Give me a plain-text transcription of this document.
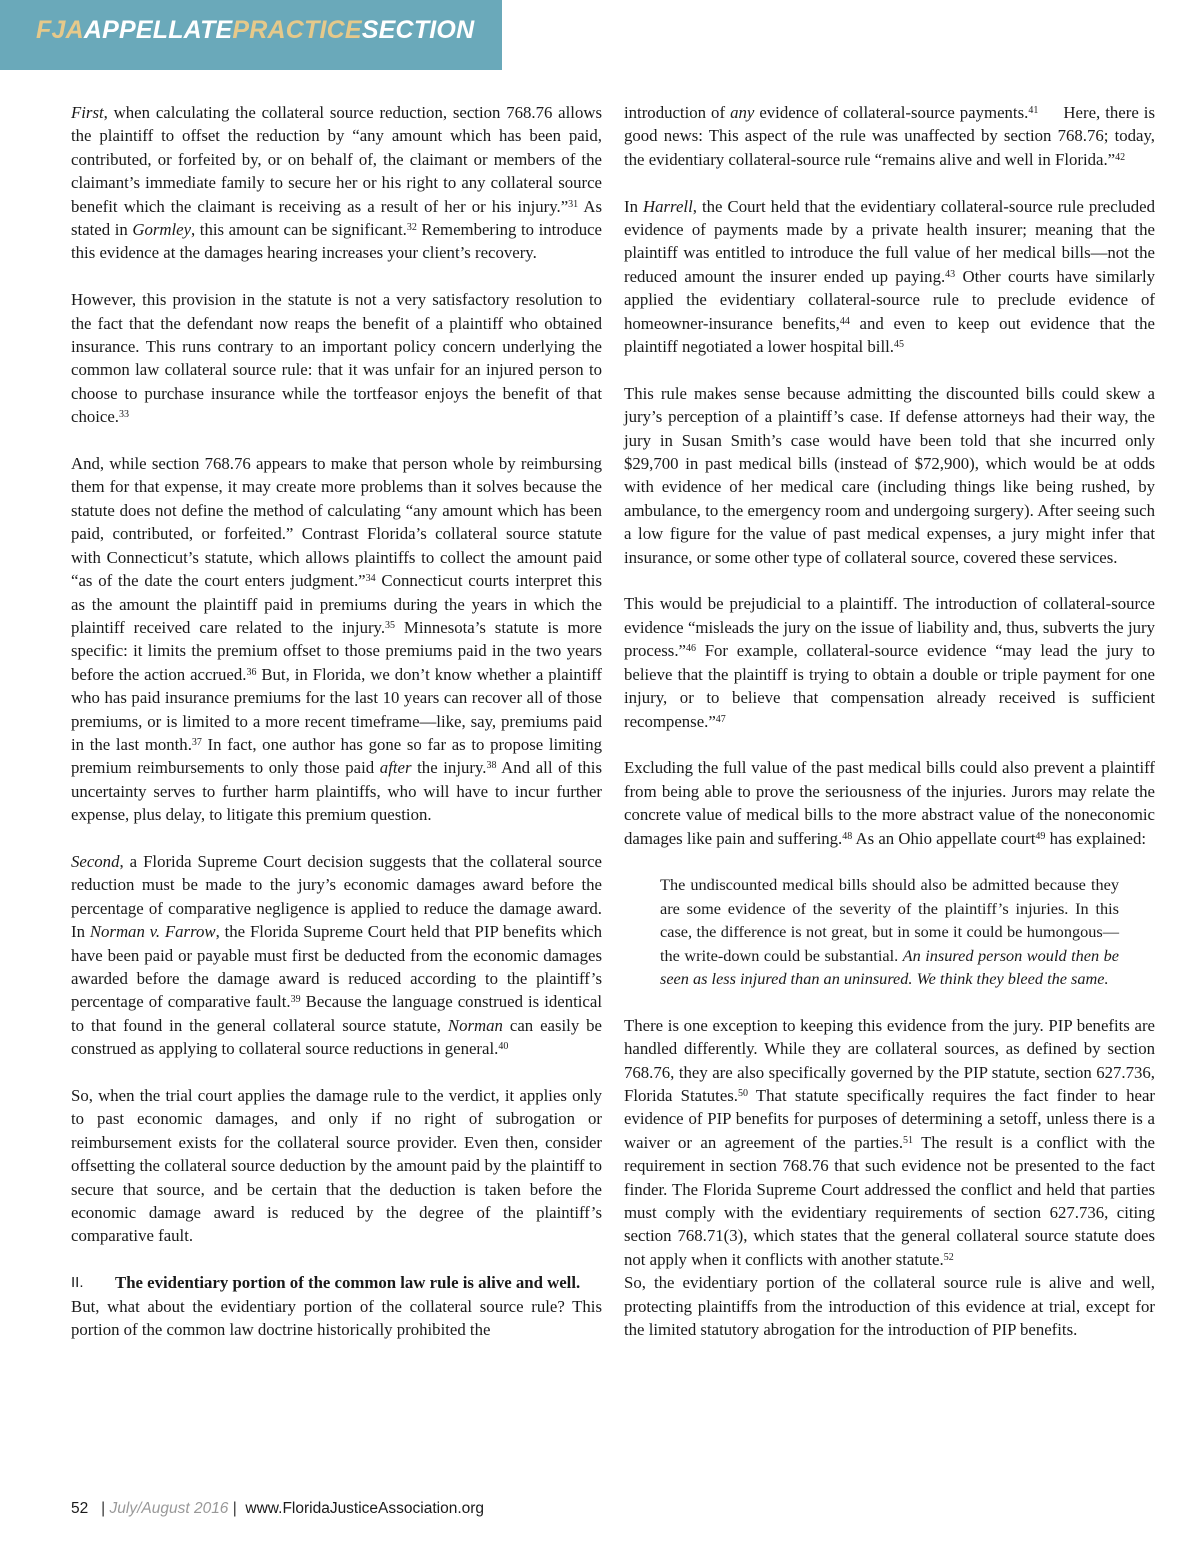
FJAAPPELLATEPRACTICESECTION

First, when calculating the collateral source reduction, section 768.76 allows the plaintiff to offset the reduction by “any amount which has been paid, contributed, or forfeited by, or on behalf of, the claimant or members of the claimant’s immediate family to secure her or his right to any collateral source benefit which the claimant is receiving as a result of her or his injury.”$^{31}$ As stated in Gormley, this amount can be significant.$^{32}$ Remembering to introduce this evidence at the damages hearing increases your client’s recovery.

However, this provision in the statute is not a very satisfactory resolution to the fact that the defendant now reaps the benefit of a plaintiff who obtained insurance. This runs contrary to an important policy concern underlying the common law collateral source rule: that it was unfair for an injured person to choose to purchase insurance while the tortfeasor enjoys the benefit of that choice.$^{33}$

And, while section 768.76 appears to make that person whole by reimbursing them for that expense, it may create more problems than it solves because the statute does not define the method of calculating “any amount which has been paid, contributed, or forfeited.” Contrast Florida’s collateral source statute with Connecticut’s statute, which allows plaintiffs to collect the amount paid “as of the date the court enters judgment.”$^{34}$ Connecticut courts interpret this as the amount the plaintiff paid in premiums during the years in which the plaintiff received care related to the injury.$^{35}$ Minnesota’s statute is more specific: it limits the premium offset to those premiums paid in the two years before the action accrued.$^{36}$ But, in Florida, we don’t know whether a plaintiff who has paid insurance premiums for the last 10 years can recover all of those premiums, or is limited to a more recent timeframe—like, say, premiums paid in the last month.$^{37}$ In fact, one author has gone so far as to propose limiting premium reimbursements to only those paid after the injury.$^{38}$ And all of this uncertainty serves to further harm plaintiffs, who will have to incur further expense, plus delay, to litigate this premium question.

Second, a Florida Supreme Court decision suggests that the collateral source reduction must be made to the jury’s economic damages award before the percentage of comparative negligence is applied to reduce the damage award. In Norman v. Farrow, the Florida Supreme Court held that PIP benefits which have been paid or payable must first be deducted from the economic damages awarded before the damage award is reduced according to the plaintiff’s percentage of comparative fault.$^{39}$ Because the language construed is identical to that found in the general collateral source statute, Norman can easily be construed as applying to collateral source reductions in general.$^{40}$

So, when the trial court applies the damage rule to the verdict, it applies only to past economic damages, and only if no right of subrogation or reimbursement exists for the collateral source provider. Even then, consider offsetting the collateral source deduction by the amount paid by the plaintiff to secure that source, and be certain that the deduction is taken before the economic damage award is reduced by the degree of the plaintiff’s comparative fault.

II.	The evidentiary portion of the common law rule is alive and well.

But, what about the evidentiary portion of the collateral source rule? This portion of the common law doctrine historically prohibited the

introduction of any evidence of collateral-source payments.$^{41}$     Here, there is good news: This aspect of the rule was unaffected by section 768.76; today, the evidentiary collateral-source rule “remains alive and well in Florida.”$^{42}$

In Harrell, the Court held that the evidentiary collateral-source rule precluded evidence of payments made by a private health insurer; meaning that the plaintiff was entitled to introduce the full value of her medical bills—not the reduced amount the insurer ended up paying.$^{43}$ Other courts have similarly applied the evidentiary collateral-source rule to preclude evidence of homeowner-insurance benefits,$^{44}$ and even to keep out evidence that the plaintiff negotiated a lower hospital bill.$^{45}$

This rule makes sense because admitting the discounted bills could skew a jury’s perception of a plaintiff’s case. If defense attorneys had their way, the jury in Susan Smith’s case would have been told that she incurred only $29,700 in past medical bills (instead of $72,900), which would be at odds with evidence of her medical care (including things like being rushed, by ambulance, to the emergency room and undergoing surgery). After seeing such a low figure for the value of past medical expenses, a jury might infer that insurance, or some other type of collateral source, covered these services.

This would be prejudicial to a plaintiff. The introduction of collateral-source evidence “misleads the jury on the issue of liability and, thus, subverts the jury process.”$^{46}$ For example, collateral-source evidence “may lead the jury to believe that the plaintiff is trying to obtain a double or triple payment for one injury, or to believe that compensation already received is sufficient recompense.”$^{47}$

Excluding the full value of the past medical bills could also prevent a plaintiff from being able to prove the seriousness of the injuries. Jurors may relate the concrete value of medical bills to the more abstract value of the noneconomic damages like pain and suffering.$^{48}$ As an Ohio appellate court$^{49}$ has explained:

The undiscounted medical bills should also be admitted because they are some evidence of the severity of the plaintiff’s injuries. In this case, the difference is not great, but in some it could be humongous—the write-down could be substantial. An insured person would then be seen as less injured than an uninsured. We think they bleed the same.

There is one exception to keeping this evidence from the jury. PIP benefits are handled differently. While they are collateral sources, as defined by section 768.76, they are also specifically governed by the PIP statute, section 627.736, Florida Statutes.$^{50}$ That statute specifically requires the fact finder to hear evidence of PIP benefits for purposes of determining a setoff, unless there is a waiver or an agreement of the parties.$^{51}$ The result is a conflict with the requirement in section 768.76 that such evidence not be presented to the fact finder. The Florida Supreme Court addressed the conflict and held that parties must comply with the evidentiary requirements of section 627.736, citing section 768.71(3), which states that the general collateral source statute does not apply when it conflicts with another statute.$^{52}$

So, the evidentiary portion of the collateral source rule is alive and well, protecting plaintiffs from the introduction of this evidence at trial, except for the limited statutory abrogation for the introduction of PIP benefits.

52 | July/August 2016 | www.FloridaJusticeAssociation.org
